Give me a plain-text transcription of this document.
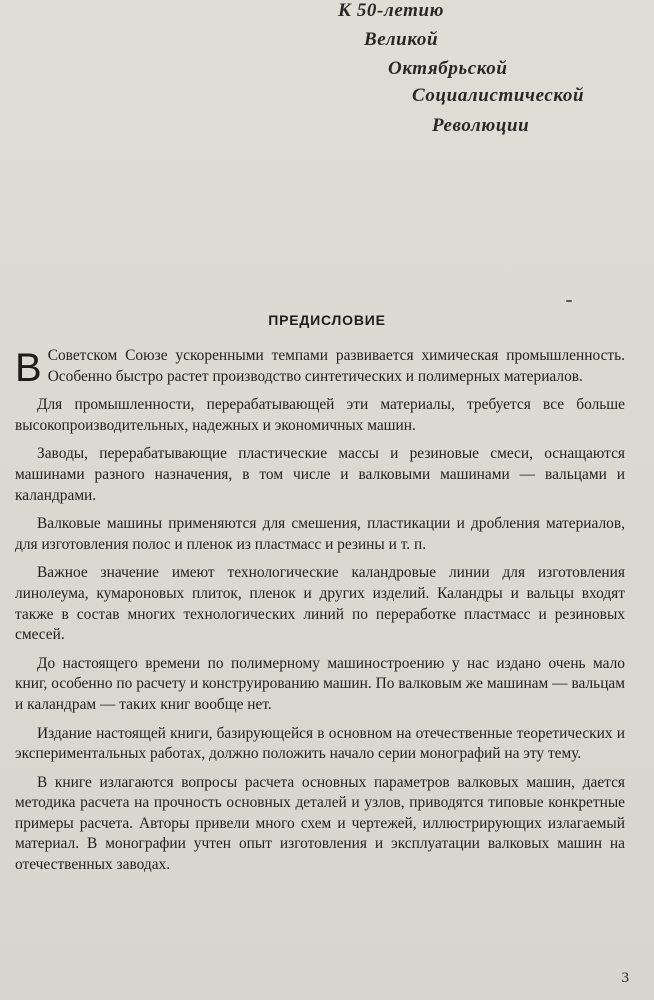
К 50-летию
Великой
Октябрьской
Социалистической
Революции
ПРЕДИСЛОВИЕ

В Советском Союзе ускоренными темпами развивается химическая промышленность. Особенно быстро растет производство синтетических и полимерных материалов.

Для промышленности, перерабатывающей эти материалы, требуется все больше высокопроизводительных, надежных и экономичных машин.

Заводы, перерабатывающие пластические массы и резиновые смеси, оснащаются машинами разного назначения, в том числе и валковыми машинами — вальцами и каландрами.

Валковые машины применяются для смешения, пластикации и дробления материалов, для изготовления полос и пленок из пластмасс и резины и т. п.

Важное значение имеют технологические каландровые линии для изготовления линолеума, кумароновых плиток, пленок и других изделий. Каландры и вальцы входят также в состав многих технологических линий по переработке пластмасс и резиновых смесей.

До настоящего времени по полимерному машиностроению у нас издано очень мало книг, особенно по расчету и конструированию машин. По валковым же машинам — вальцам и каландрам — таких книг вообще нет.

Издание настоящей книги, базирующейся в основном на отечественные теоретических и экспериментальных работах, должно положить начало серии монографий на эту тему.

В книге излагаются вопросы расчета основных параметров валковых машин, дается методика расчета на прочность основных деталей и узлов, приводятся типовые конкретные примеры расчета. Авторы привели много схем и чертежей, иллюстрирующих излагаемый материал. В монографии учтен опыт изготовления и эксплуатации валковых машин на отечественных заводах.

3
